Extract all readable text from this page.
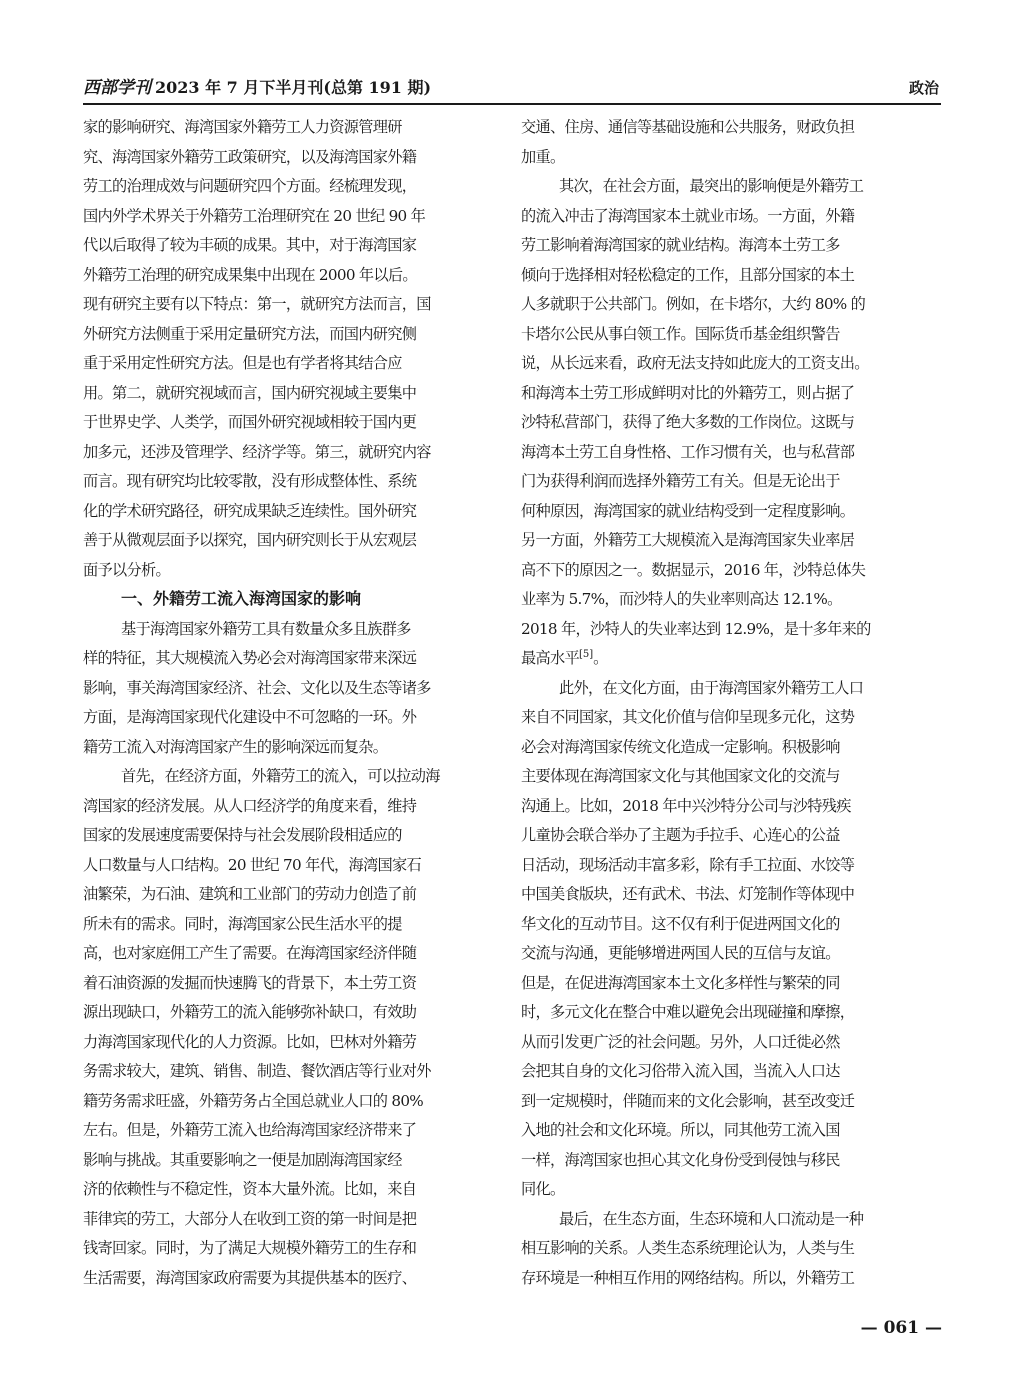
西部学刊 2023 年 7 月下半月刊(总第 191 期)	政治
家的影响研究、海湾国家外籍劳工人力资源管理研
究、海湾国家外籍劳工政策研究，以及海湾国家外籍
劳工的治理成效与问题研究四个方面。经梳理发现，
国内外学术界关于外籍劳工治理研究在 20 世纪 90 年
代以后取得了较为丰硕的成果。其中，对于海湾国家
外籍劳工治理的研究成果集中出现在 2000 年以后。
现有研究主要有以下特点：第一，就研究方法而言，国
外研究方法侧重于采用定量研究方法，而国内研究侧
重于采用定性研究方法。但是也有学者将其结合应
用。第二，就研究视域而言，国内研究视域主要集中
于世界史学、人类学，而国外研究视域相较于国内更
加多元，还涉及管理学、经济学等。第三，就研究内容
而言。现有研究均比较零散，没有形成整体性、系统
化的学术研究路径，研究成果缺乏连续性。国外研究
善于从微观层面予以探究，国内研究则长于从宏观层
面予以分析。
一、外籍劳工流入海湾国家的影响
基于海湾国家外籍劳工具有数量众多且族群多
样的特征，其大规模流入势必会对海湾国家带来深远
影响，事关海湾国家经济、社会、文化以及生态等诸多
方面，是海湾国家现代化建设中不可忽略的一环。外
籍劳工流入对海湾国家产生的影响深远而复杂。
首先，在经济方面，外籍劳工的流入，可以拉动海
湾国家的经济发展。从人口经济学的角度来看，维持
国家的发展速度需要保持与社会发展阶段相适应的
人口数量与人口结构。20 世纪 70 年代，海湾国家石
油繁荣，为石油、建筑和工业部门的劳动力创造了前
所未有的需求。同时，海湾国家公民生活水平的提
高，也对家庭佣工产生了需要。在海湾国家经济伴随
着石油资源的发掘而快速腾飞的背景下，本土劳工资
源出现缺口，外籍劳工的流入能够弥补缺口，有效助
力海湾国家现代化的人力资源。比如，巴林对外籍劳
务需求较大，建筑、销售、制造、餐饮酒店等行业对外
籍劳务需求旺盛，外籍劳务占全国总就业人口的 80%
左右。但是，外籍劳工流入也给海湾国家经济带来了
影响与挑战。其重要影响之一便是加剧海湾国家经
济的依赖性与不稳定性，资本大量外流。比如，来自
菲律宾的劳工，大部分人在收到工资的第一时间是把
钱寄回家。同时，为了满足大规模外籍劳工的生存和
生活需要，海湾国家政府需要为其提供基本的医疗、
交通、住房、通信等基础设施和公共服务，财政负担
加重。
其次，在社会方面，最突出的影响便是外籍劳工
的流入冲击了海湾国家本土就业市场。一方面，外籍
劳工影响着海湾国家的就业结构。海湾本土劳工多
倾向于选择相对轻松稳定的工作，且部分国家的本土
人多就职于公共部门。例如，在卡塔尔，大约 80% 的
卡塔尔公民从事白领工作。国际货币基金组织警告
说，从长远来看，政府无法支持如此庞大的工资支出。
和海湾本土劳工形成鲜明对比的外籍劳工，则占据了
沙特私营部门，获得了绝大多数的工作岗位。这既与
海湾本土劳工自身性格、工作习惯有关，也与私营部
门为获得利润而选择外籍劳工有关。但是无论出于
何种原因，海湾国家的就业结构受到一定程度影响。
另一方面，外籍劳工大规模流入是海湾国家失业率居
高不下的原因之一。数据显示，2016 年，沙特总体失
业率为 5.7%，而沙特人的失业率则高达 12.1%。
2018 年，沙特人的失业率达到 12.9%，是十多年来的
最高水平[5]。
此外，在文化方面，由于海湾国家外籍劳工人口
来自不同国家，其文化价值与信仰呈现多元化，这势
必会对海湾国家传统文化造成一定影响。积极影响
主要体现在海湾国家文化与其他国家文化的交流与
沟通上。比如，2018 年中兴沙特分公司与沙特残疾
儿童协会联合举办了主题为手拉手、心连心的公益
日活动，现场活动丰富多彩，除有手工拉面、水饺等
中国美食版块，还有武术、书法、灯笼制作等体现中
华文化的互动节目。这不仅有利于促进两国文化的
交流与沟通，更能够增进两国人民的互信与友谊。
但是，在促进海湾国家本土文化多样性与繁荣的同
时，多元文化在整合中难以避免会出现碰撞和摩擦，
从而引发更广泛的社会问题。另外，人口迁徙必然
会把其自身的文化习俗带入流入国，当流入人口达
到一定规模时，伴随而来的文化会影响，甚至改变迁
入地的社会和文化环境。所以，同其他劳工流入国
一样，海湾国家也担心其文化身份受到侵蚀与移民
同化。
最后，在生态方面，生态环境和人口流动是一种
相互影响的关系。人类生态系统理论认为，人类与生
存环境是一种相互作用的网络结构。所以，外籍劳工
— 061 —
